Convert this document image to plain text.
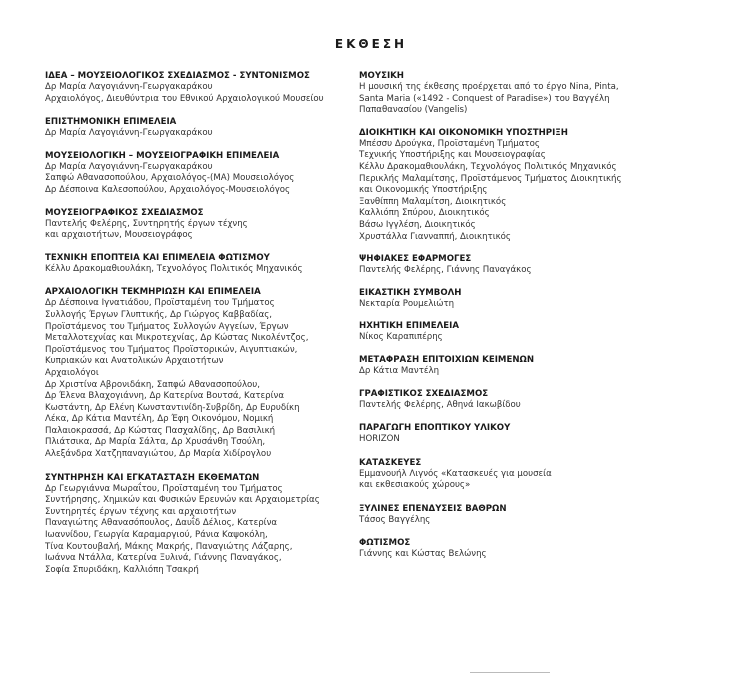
ΕΚΘΕΣΗ
ΙΔΕΑ – ΜΟΥΣΕΙΟΛΟΓΙΚΟΣ ΣΧΕΔΙΑΣΜΟΣ - ΣΥΝΤΟΝΙΣΜΟΣ
Δρ Μαρία Λαγογιάννη-Γεωργακαράκου
Αρχαιολόγος, Διευθύντρια του Εθνικού Αρχαιολογικού Μουσείου
ΕΠΙΣΤΗΜΟΝΙΚΗ ΕΠΙΜΕΛΕΙΑ
Δρ Μαρία Λαγογιάννη-Γεωργακαράκου
ΜΟΥΣΕΙΟΛΟΓΙΚΗ – ΜΟΥΣΕΙΟΓΡΑΦΙΚΗ ΕΠΙΜΕΛΕΙΑ
Δρ Μαρία Λαγογιάννη-Γεωργακαράκου
Σαπφώ Αθανασοπούλου, Αρχαιολόγος-(MA) Μουσειολόγος
Δρ Δέσποινα Καλεσοπούλου, Αρχαιολόγος-Μουσειολόγος
ΜΟΥΣΕΙΟΓΡΑΦΙΚΟΣ ΣΧΕΔΙΑΣΜΟΣ
Παντελής Φελέρης, Συντηρητής έργων τέχνης
και αρχαιοτήτων, Μουσειογράφος
ΤΕΧΝΙΚΗ ΕΠΟΠΤΕΙΑ ΚΑΙ ΕΠΙΜΕΛΕΙΑ ΦΩΤΙΣΜΟΥ
Κέλλυ Δρακομαθιουλάκη, Τεχνολόγος Πολιτικός Μηχανικός
ΑΡΧΑΙΟΛΟΓΙΚΗ ΤΕΚΜΗΡΙΩΣΗ ΚΑΙ ΕΠΙΜΕΛΕΙΑ
Δρ Δέσποινα Ιγνατιάδου, Προϊσταμένη του Τμήματος
Συλλογής Έργων Γλυπτικής, Δρ Γιώργος Καββαδίας,
Προϊστάμενος του Τμήματος Συλλογών Αγγείων, Έργων
Μεταλλοτεχνίας και Μικροτεχνίας, Δρ Κώστας Νικολέντζος,
Προϊστάμενος του Τμήματος Προϊστορικών, Αιγυπτιακών,
Κυπριακών και Ανατολικών Αρχαιοτήτων
Αρχαιολόγοι
Δρ Χριστίνα Αβρονιδάκη, Σαπφώ Αθανασοπούλου,
Δρ Έλενα Βλαχογιάννη, Δρ Κατερίνα Βουτσά, Κατερίνα
Κωστάντη, Δρ Ελένη Κωνσταντινίδη-Συβρίδη, Δρ Ευρυδίκη
Λέκα, Δρ Κάτια Μαντέλη, Δρ Έφη Οικονόμου, Νομική
Παλαιοκρασσά, Δρ Κώστας Πασχαλίδης, Δρ Βασιλική
Πλιάτσικα, Δρ Μαρία Σάλτα, Δρ Χρυσάνθη Τσούλη,
Αλεξάνδρα Χατζηπαναγιώτου, Δρ Μαρία Χιδίρογλου
ΣΥΝΤΗΡΗΣΗ ΚΑΙ ΕΓΚΑΤΑΣΤΑΣΗ ΕΚΘΕΜΑΤΩΝ
Δρ Γεωργιάννα Μωραΐτου, Προϊσταμένη του Τμήματος
Συντήρησης, Χημικών και Φυσικών Ερευνών και Αρχαιομετρίας
Συντηρητές έργων τέχνης και αρχαιοτήτων
Παναγιώτης Αθανασόπουλος, Δαυΐδ Δέλιος, Κατερίνα
Ιωαννίδου, Γεωργία Καραμαργιού, Ράνια Καψοκόλη,
Τίνα Κουτουβαλή, Μάκης Μακρής, Παναγιώτης Λάζαρης,
Ιωάννα Ντάλλα, Κατερίνα Ξυλινά, Γιάννης Παναγάκος,
Σοφία Σπυριδάκη, Καλλιόπη Τσακρή
ΜΟΥΣΙΚΗ
Η μουσική της έκθεσης προέρχεται από το έργο Nina, Pinta,
Santa Maria («1492 - Conquest of Paradise») του Βαγγέλη
Παπαθανασίου (Vangelis)
ΔΙΟΙΚΗΤΙΚΗ ΚΑΙ ΟΙΚΟΝΟΜΙΚΗ ΥΠΟΣΤΗΡΙΞΗ
Μπέσσυ Δρούγκα, Προϊσταμένη Τμήματος
Τεχνικής Υποστήριξης και Μουσειογραφίας
Κέλλυ Δρακομαθιουλάκη, Τεχνολόγος Πολιτικός Μηχανικός
Περικλής Μαλαμίτσης, Προϊστάμενος Τμήματος Διοικητικής
και Οικονομικής Υποστήριξης
Ξανθίππη Μαλαμίτση, Διοικητικός
Καλλιόπη Σπύρου, Διοικητικός
Βάσω Ιγγλέση, Διοικητικός
Χρυστάλλα Γιανναππή, Διοικητικός
ΨΗΦΙΑΚΕΣ ΕΦΑΡΜΟΓΕΣ
Παντελής Φελέρης, Γιάννης Παναγάκος
ΕΙΚΑΣΤΙΚΗ ΣΥΜΒΟΛΗ
Νεκταρία Ρουμελιώτη
ΗΧΗΤΙΚΗ ΕΠΙΜΕΛΕΙΑ
Νίκος Καραπιπέρης
ΜΕΤΑΦΡΑΣΗ ΕΠΙΤΟΙΧΙΩΝ ΚΕΙΜΕΝΩΝ
Δρ Κάτια Μαντέλη
ΓΡΑΦΙΣΤΙΚΟΣ ΣΧΕΔΙΑΣΜΟΣ
Παντελής Φελέρης, Αθηνά Ιακωβίδου
ΠΑΡΑΓΩΓΗ ΕΠΟΠΤΙΚΟΥ ΥΛΙΚΟΥ
HORIZON
ΚΑΤΑΣΚΕΥΕΣ
Εμμανουήλ Λιγνός «Κατασκευές για μουσεία
και εκθεσιακούς χώρους»
ΞΥΛΙΝΕΣ ΕΠΕΝΔΥΣΕΙΣ ΒΑΘΡΩΝ
Τάσος Βαγγέλης
ΦΩΤΙΣΜΟΣ
Γιάννης και Κώστας Βελώνης
